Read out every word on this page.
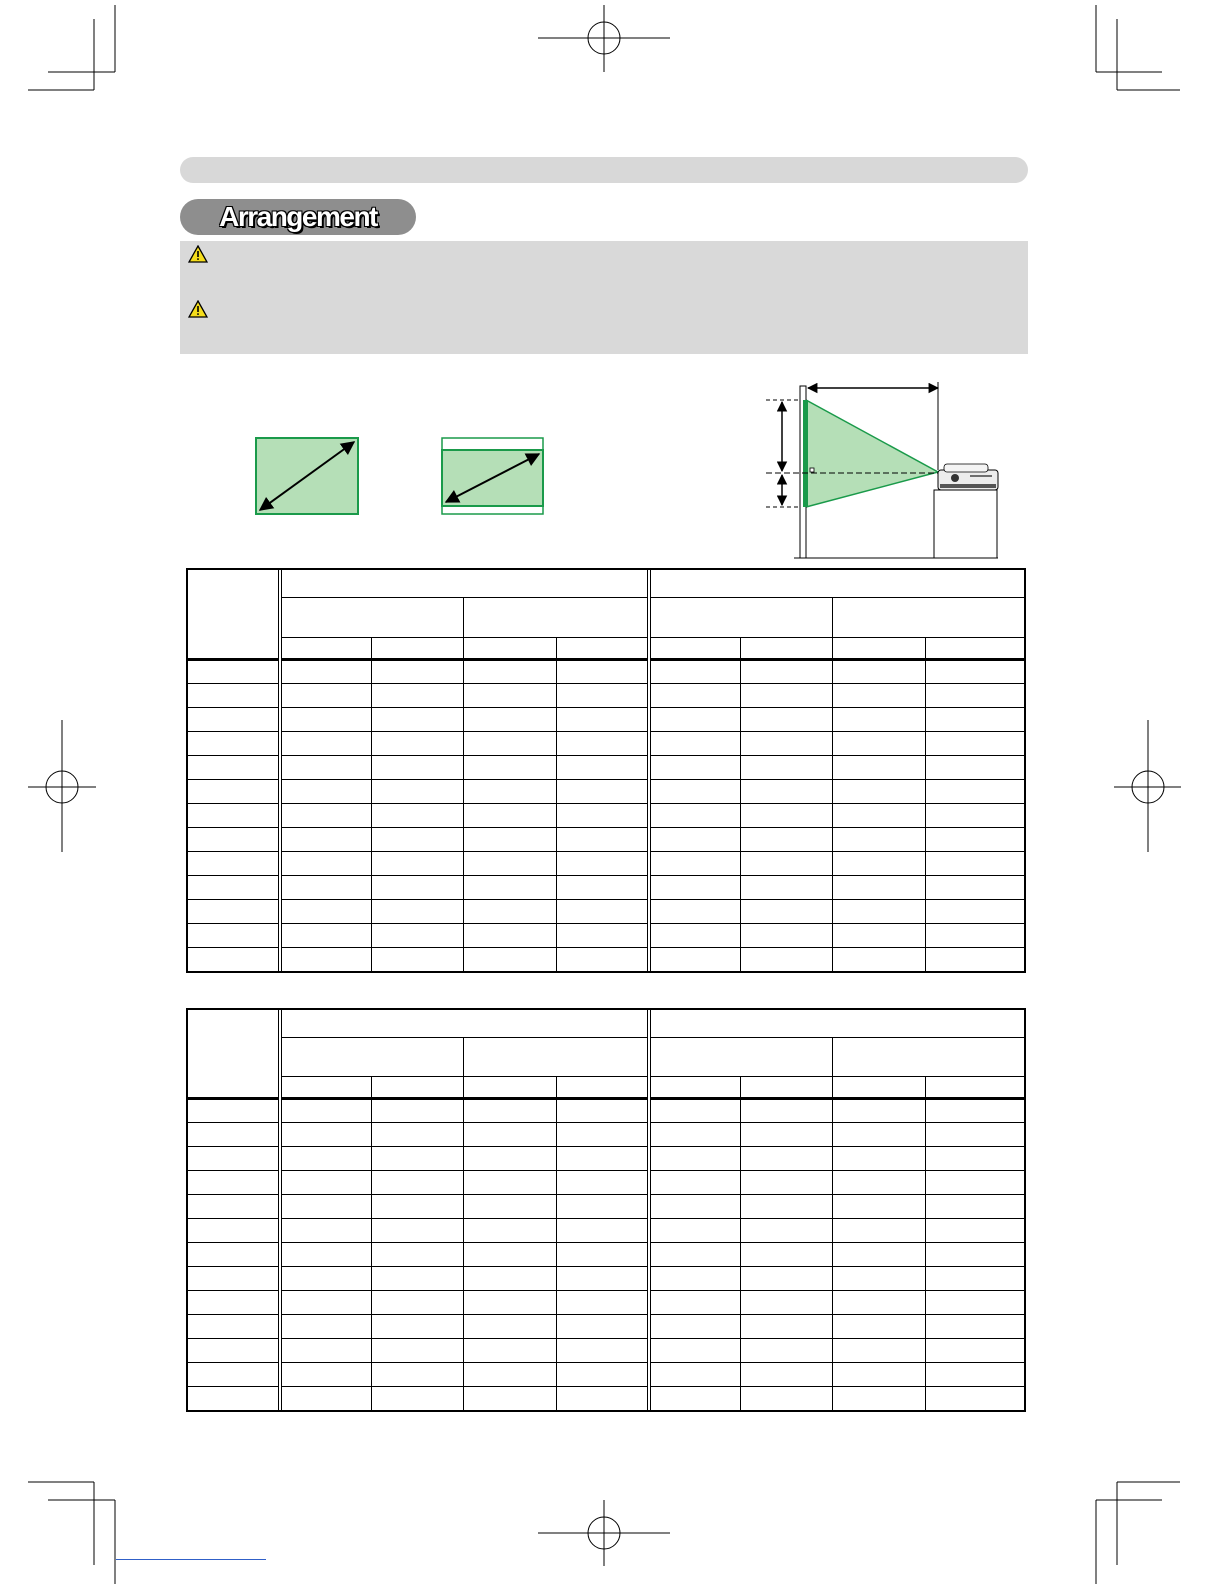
Arrangement
